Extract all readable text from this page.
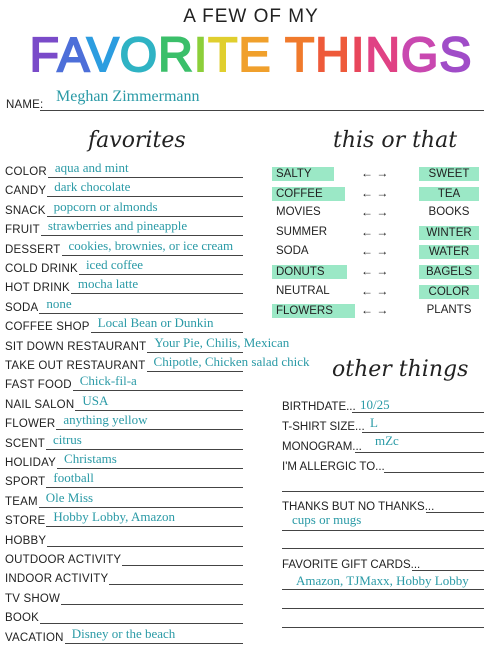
A FEW OF MY
FAVORITE THINGS
NAME: Meghan Zimmermann
favorites
COLOR aqua and mint
CANDY dark chocolate
SNACK popcorn or almonds
FRUIT strawberries and pineapple
DESSERT cookies, brownies, or ice cream
COLD DRINK iced coffee
HOT DRINK mocha latte
SODA none
COFFEE SHOP Local Bean or Dunkin
SIT DOWN RESTAURANT Your Pie, Chilis, Mexican
TAKE OUT RESTAURANT Chipotle, Chicken salad chick
FAST FOOD Chick-fil-a
NAIL SALON USA
FLOWER anything yellow
SCENT citrus
HOLIDAY Christams
SPORT football
TEAM Ole Miss
STORE Hobby Lobby, Amazon
HOBBY
OUTDOOR ACTIVITY
INDOOR ACTIVITY
TV SHOW
BOOK
VACATION Disney or the beach
this or that
SALTY	← →	SWEET
COFFEE	← →	TEA
MOVIES	← →	BOOKS
SUMMER	← →	WINTER
SODA	← →	WATER
DONUTS	← →	BAGELS
NEUTRAL	← →	COLOR
FLOWERS	← →	PLANTS
other things
BIRTHDATE... 10/25
T-SHIRT SIZE... L
MONOGRAM... mZc
I'M ALLERGIC TO...
THANKS BUT NO THANKS...
cups or mugs
FAVORITE GIFT CARDS...
Amazon, TJMaxx, Hobby Lobby
